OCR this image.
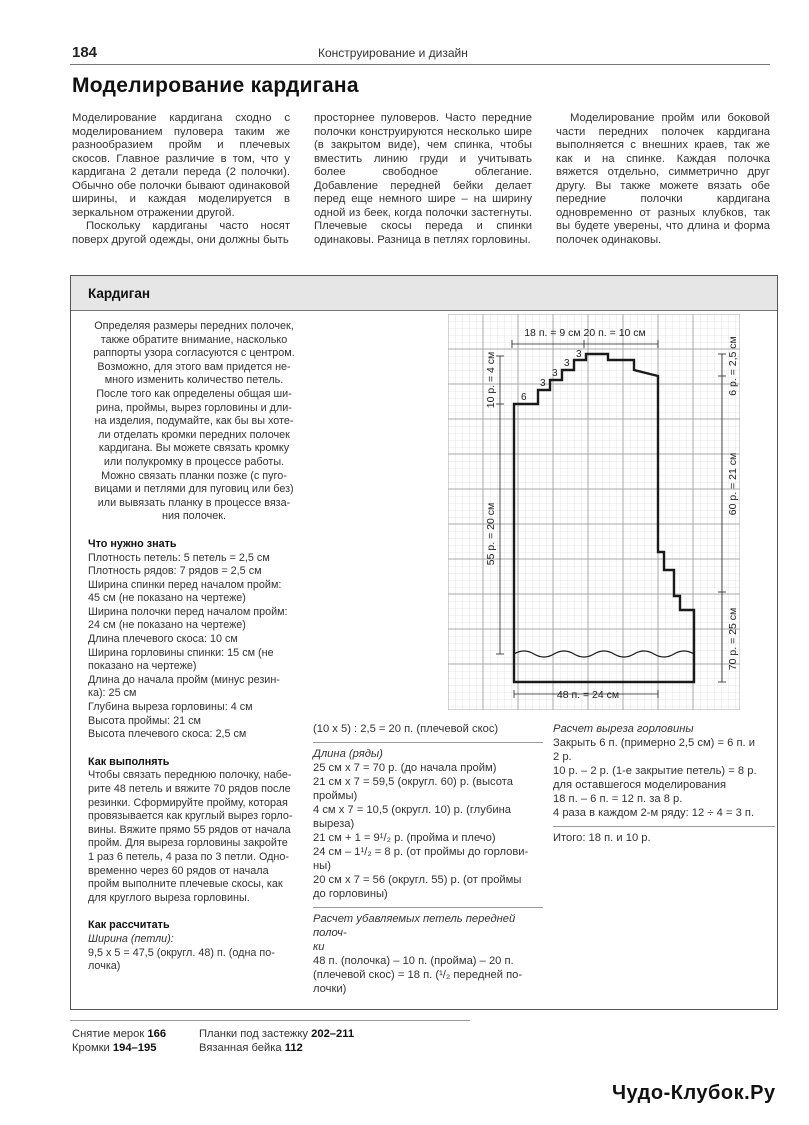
184	Конструирование и дизайн
Моделирование кардигана

Моделирование кардигана сходно с моделированием пуловера таким же разнообразием пройм и плечевых скосов. Главное различие в том, что у кардигана 2 детали переда (2 полочки). Обычно обе полочки бывают одинаковой ширины, и каждая моделируется в зеркальном отражении другой.

Поскольку кардиганы часто носят поверх другой одежды, они должны быть

просторнее пуловеров. Часто передние полочки конструируются несколько шире (в закрытом виде), чем спинка, чтобы вместить линию груди и учитывать более свободное облегание. Добавление передней бейки делает перед еще немного шире – на ширину одной из беек, когда полочки застегнуты. Плечевые скосы переда и спинки одинаковы. Разница в петлях горловины.

Моделирование пройм или боковой части передних полочек кардигана выполняется с внешних краев, так же как и на спинке. Каждая полочка вяжется отдельно, симметрично друг другу. Вы также можете вязать обе передние полочки кардигана одновременно от разных клубков, так вы будете уверены, что длина и форма полочек одинаковы.

Кардиган

Определяя размеры передних полочек,

также обратите внимание, насколько

раппорты узора согласуются с центром.

Возможно, для этого вам придется не-

много изменить количество петель.

После того как определены общая ши-

рина, проймы, вырез горловины и дли-

на изделия, подумайте, как бы вы хоте-

ли отделать кромки передних полочек

кардигана. Вы можете связать кромку

или полукромку в процессе работы.

Можно связать планки позже (с пуго-

вицами и петлями для пуговиц или без)

или вывязать планку в процессе вяза-

ния полочек.

Что нужно знать

Плотность петель: 5 петель = 2,5 см

Плотность рядов: 7 рядов = 2,5 см

Ширина спинки перед началом пройм:

45 см (не показано на чертеже)

Ширина полочки перед началом пройм:

24 см (не показано на чертеже)

Длина плечевого скоса: 10 см

Ширина горловины спинки: 15 см (не

показано на чертеже)

Длина до начала пройм (минус резин-

ка): 25 см

Глубина выреза горловины: 4 см

Высота проймы: 21 см

Высота плечевого скоса: 2,5 см

Как выполнять

Чтобы связать переднюю полочку, набе-

рите 48 петель и вяжите 70 рядов после

резинки. Сформируйте пройму, которая

провязывается как круглый вырез горло-

вины. Вяжите прямо 55 рядов от начала

пройм. Для выреза горловины закройте

1 раз 6 петель, 4 раза по 3 петли. Одно-

временно через 60 рядов от начала

пройм выполните плечевые скосы, как

для круглого выреза горловины.

Как рассчитать

Ширина (петли):

9,5 x 5 = 47,5 (округл. 48) п. (одна по-

лочка)

(10 x 5) : 2,5 = 20 п. (плечевой скос)

Длина (ряды)

25 см x 7 = 70 р. (до начала пройм)

21 см x 7 = 59,5 (округл. 60) р. (высота

проймы)

4 см x 7 = 10,5 (округл. 10) р. (глубина

выреза)

21 см + 1 = 9¹/₂ р. (пройма и плечо)

24 см – 1¹/₂ = 8 р. (от проймы до горлови-

ны)

20 см x 7 = 56 (округл. 55) р. (от проймы

до горловины)

Расчет убавляемых петель передней полоч-

ки

48 п. (полочка) – 10 п. (пройма) – 20 п.

(плечевой скос) = 18 п. (¹/₂ передней по-

лочки)

Расчет выреза горловины

Закрыть 6 п. (примерно 2,5 см) = 6 п. и

2 р.

10 р. – 2 р. (1-е закрытие петель) = 8 р.

для оставшегося моделирования

18 п. – 6 п. = 12 п. за 8 р.

4 раза в каждом 2-м ряду: 12 ÷ 4 = 3 п.

Итого: 18 п. и 10 р.

18 п. = 9 см 20 п. = 10 см
10 р. = 4 см
55 р. = 20 см
6 р. = 2,5 см
60 р. = 21 см
70 р. = 25 см
48 п. = 24 см
6
3
3
3
3
Снятие мерок 166
Кромки 194–195
Планки под застежку 202–211
Вязанная бейка 112
Чудо-Клубок.Ру
